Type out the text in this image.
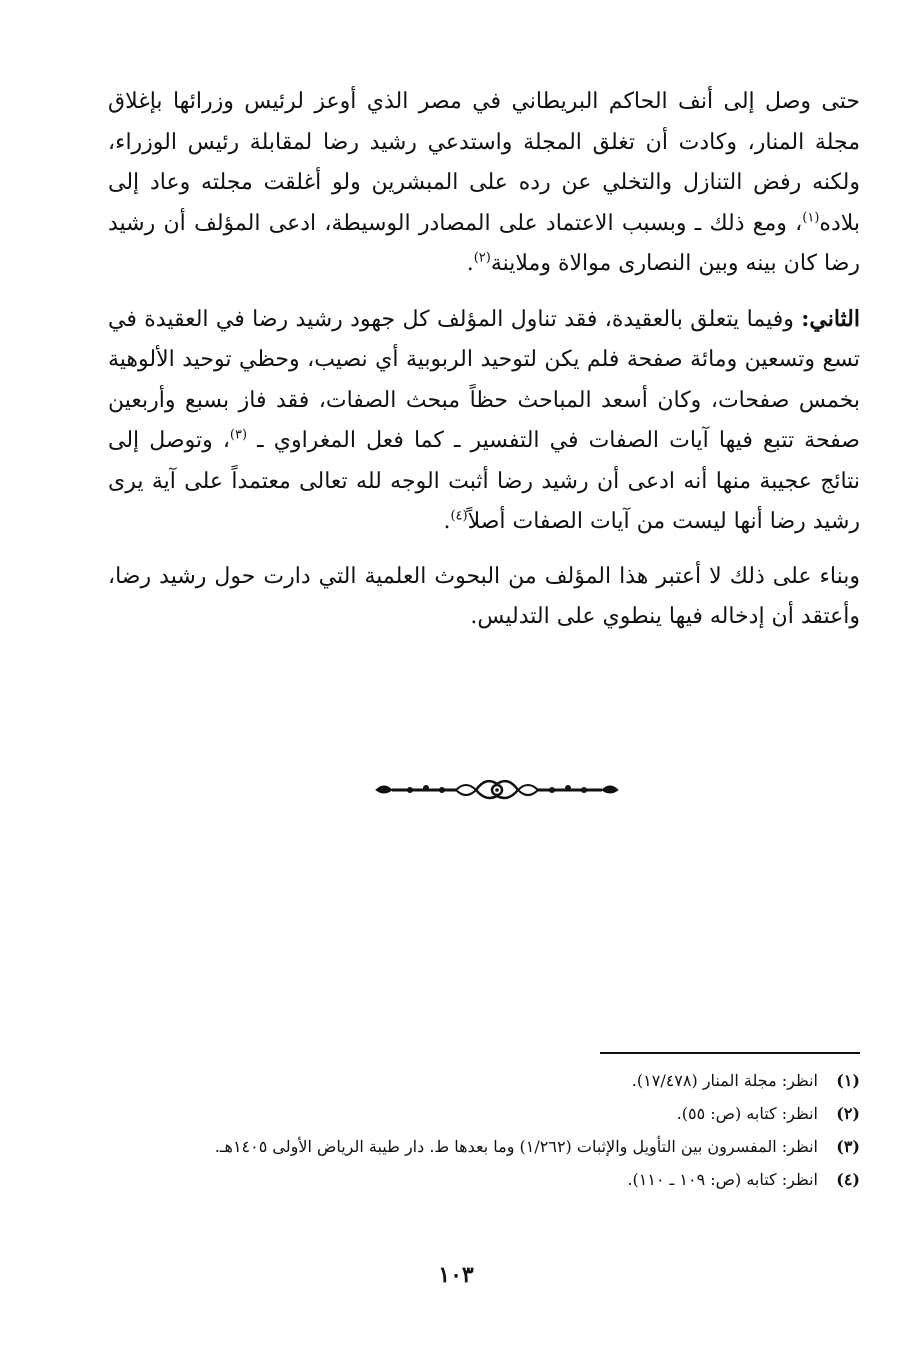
حتى وصل إلى أنف الحاكم البريطاني في مصر الذي أوعز لرئيس وزرائها بإغلاق مجلة المنار، وكادت أن تغلق المجلة واستدعي رشيد رضا لمقابلة رئيس الوزراء، ولكنه رفض التنازل والتخلي عن رده على المبشرين ولو أغلقت مجلته وعاد إلى بلاده$^{(١)}$، ومع ذلك ـ وبسبب الاعتماد على المصادر الوسيطة، ادعى المؤلف أن رشيد رضا كان بينه وبين النصارى موالاة وملاينة$^{(٢)}$.

الثاني: وفيما يتعلق بالعقيدة، فقد تناول المؤلف كل جهود رشيد رضا في العقيدة في تسع وتسعين ومائة صفحة فلم يكن لتوحيد الربوبية أي نصيب، وحظي توحيد الألوهية بخمس صفحات، وكان أسعد المباحث حظاً مبحث الصفات، فقد فاز بسبع وأربعين صفحة تتبع فيها آيات الصفات في التفسير ـ كما فعل المغراوي ـ $^{(٣)}$، وتوصل إلى نتائج عجيبة منها أنه ادعى أن رشيد رضا أثبت الوجه لله تعالى معتمداً على آية يرى رشيد رضا أنها ليست من آيات الصفات أصلاً$^{(٤)}$.

وبناء على ذلك لا أعتبر هذا المؤلف من البحوث العلمية التي دارت حول رشيد رضا، وأعتقد أن إدخاله فيها ينطوي على التدليس.

(١)
انظر: مجلة المنار (١٧/٤٧٨).
(٢)
انظر: كتابه (ص: ٥٥).
(٣)
انظر: المفسرون بين التأويل والإثبات (١/٢٦٢) وما بعدها ط. دار طيبة الرياض الأولى ١٤٠٥هـ.
(٤)
انظر: كتابه (ص: ١٠٩ ـ ١١٠).
١٠٣
